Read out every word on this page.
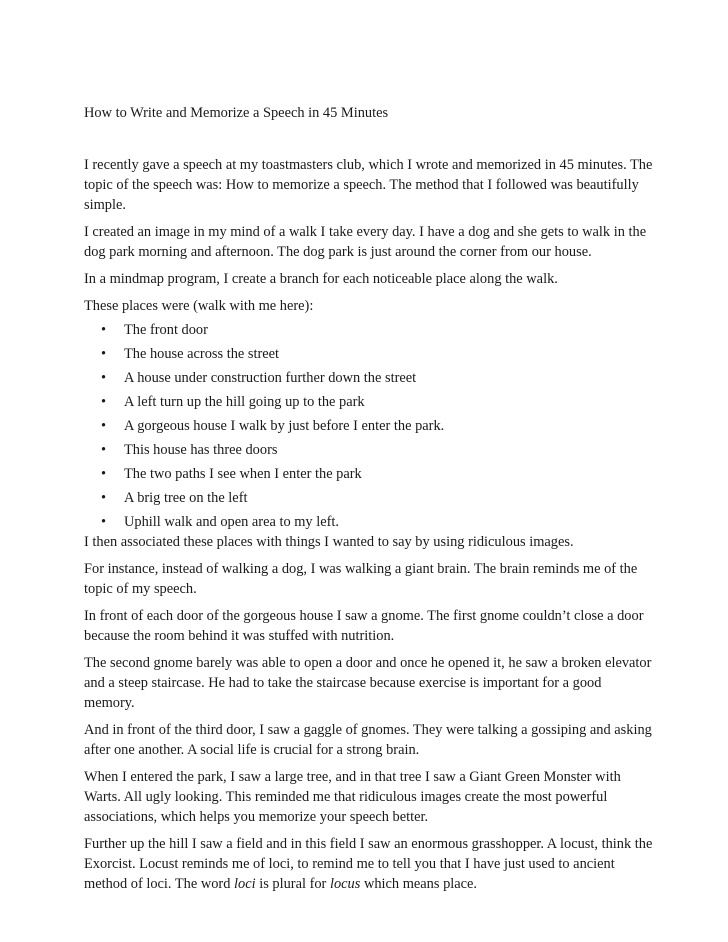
How to Write and Memorize a Speech in 45 Minutes

I recently gave a speech at my toastmasters club, which I wrote and memorized in 45 minutes. The topic of the speech was: How to memorize a speech. The method that I followed was beautifully simple.

I created an image in my mind of a walk I take every day. I have a dog and she gets to walk in the dog park morning and afternoon. The dog park is just around the corner from our house.

In a mindmap program, I create a branch for each noticeable place along the walk.

These places were (walk with me here):

• The front door
• The house across the street
• A house under construction further down the street
• A left turn up the hill going up to the park
• A gorgeous house I walk by just before I enter the park.
• This house has three doors
• The two paths I see when I enter the park
• A brig tree on the left
• Uphill walk and open area to my left.

I then associated these places with things I wanted to say by using ridiculous images.

For instance, instead of walking a dog, I was walking a giant brain. The brain reminds me of the topic of my speech.

In front of each door of the gorgeous house I saw a gnome. The first gnome couldn’t close a door because the room behind it was stuffed with nutrition.

The second gnome barely was able to open a door and once he opened it, he saw a broken elevator and a steep staircase. He had to take the staircase because exercise is important for a good memory.

And in front of the third door, I saw a gaggle of gnomes. They were talking a gossiping and asking after one another. A social life is crucial for a strong brain.

When I entered the park, I saw a large tree, and in that tree I saw a Giant Green Monster with Warts. All ugly looking. This reminded me that ridiculous images create the most powerful associations, which helps you memorize your speech better.

Further up the hill I saw a field and in this field I saw an enormous grasshopper. A locust, think the Exorcist. Locust reminds me of loci, to remind me to tell you that I have just used to ancient method of loci. The word loci is plural for locus which means place.
